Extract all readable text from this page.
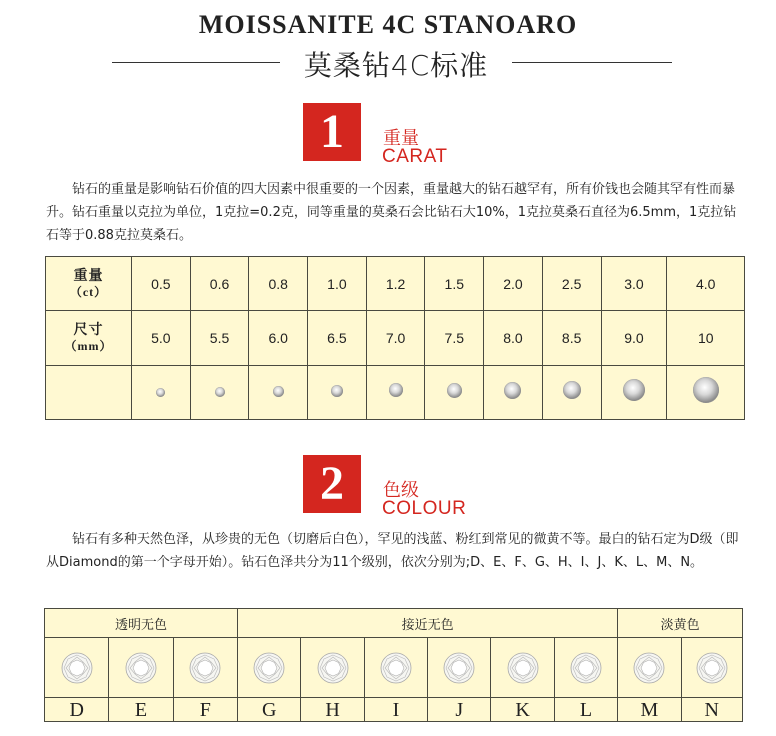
MOISSANITE 4C STANOARO
莫桑钻4C标准
1	重量
CARAT
钻石的重量是影响钻石价值的四大因素中很重要的一个因素，重量越大的钻石越罕有，所有价钱也会随其罕有性而暴升。钻石重量以克拉为单位，1克拉=0.2克，同等重量的莫桑石会比钻石大10%，1克拉莫桑石直径为6.5mm，1克拉钻石等于0.88克拉莫桑石。
重量
（ct）	0.5	0.6	0.8	1.0	1.2	1.5	2.0	2.5	3.0	4.0

尺寸
（mm）	5.0	5.5	6.0	6.5	7.0	7.5	8.0	8.5	9.0	10

2	色级
COLOUR
钻石有多种天然色泽，从珍贵的无色（切磨后白色），罕见的浅蓝、粉红到常见的微黄不等。最白的钻石定为D级（即从Diamond的第一个字母开始）。钻石色泽共分为11个级别，依次分别为;D、E、F、G、H、I、J、K、L、M、N。
透明无色			接近无色						淡黄色	

D	E	F	G	H	I	J	K	L	M	N
